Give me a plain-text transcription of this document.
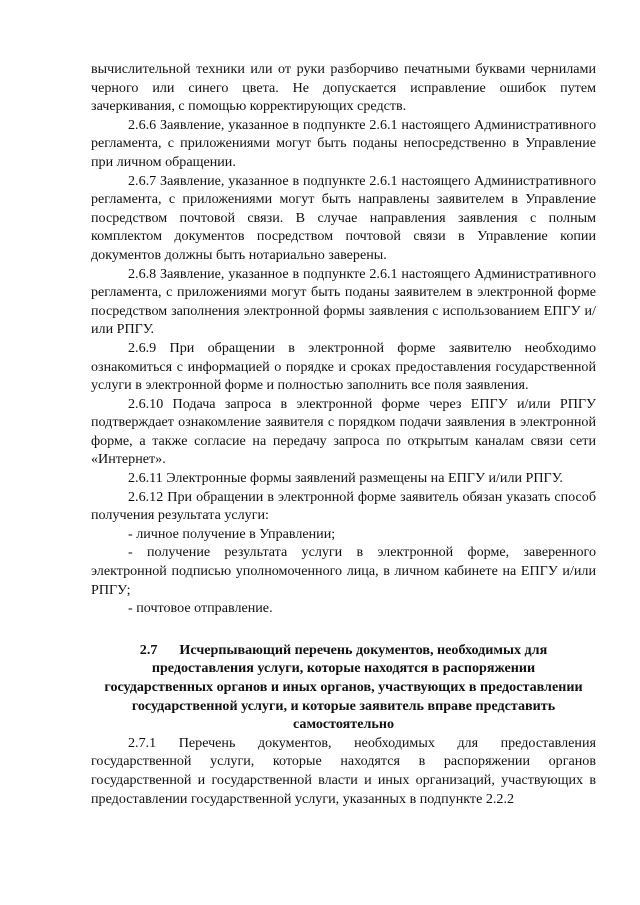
вычислительной техники или от руки разборчиво печатными буквами чернилами черного или синего цвета. Не допускается исправление ошибок путем зачеркивания, с помощью корректирующих средств.

2.6.6 Заявление, указанное в подпункте 2.6.1 настоящего Административного регламента, с приложениями могут быть поданы непосредственно в Управление при личном обращении.

2.6.7 Заявление, указанное в подпункте 2.6.1 настоящего Административного регламента, с приложениями могут быть направлены заявителем в Управление посредством почтовой связи. В случае направления заявления с полным комплектом документов посредством почтовой связи в Управление копии документов должны быть нотариально заверены.

2.6.8 Заявление, указанное в подпункте 2.6.1 настоящего Административного регламента, с приложениями могут быть поданы заявителем в электронной форме посредством заполнения электронной формы заявления с использованием ЕПГУ и/или РПГУ.

2.6.9 При обращении в электронной форме заявителю необходимо ознакомиться с информацией о порядке и сроках предоставления государственной услуги в электронной форме и полностью заполнить все поля заявления.

2.6.10 Подача запроса в электронной форме через ЕПГУ и/или РПГУ подтверждает ознакомление заявителя с порядком подачи заявления в электронной форме, а также согласие на передачу запроса по открытым каналам связи сети «Интернет».

2.6.11 Электронные формы заявлений размещены на ЕПГУ и/или РПГУ.

2.6.12 При обращении в электронной форме заявитель обязан указать способ получения результата услуги:

- личное получение в Управлении;

- получение результата услуги в электронной форме, заверенного электронной подписью уполномоченного лица, в личном кабинете на ЕПГУ и/или РПГУ;

- почтовое отправление.

2.7 Исчерпывающий перечень документов, необходимых для предоставления услуги, которые находятся в распоряжении государственных органов и иных органов, участвующих в предоставлении государственной услуги, и которые заявитель вправе представить самостоятельно

2.7.1 Перечень документов, необходимых для предоставления государственной услуги, которые находятся в распоряжении органов государственной и государственной власти и иных организаций, участвующих в предоставлении государственной услуги, указанных в подпункте 2.2.2
